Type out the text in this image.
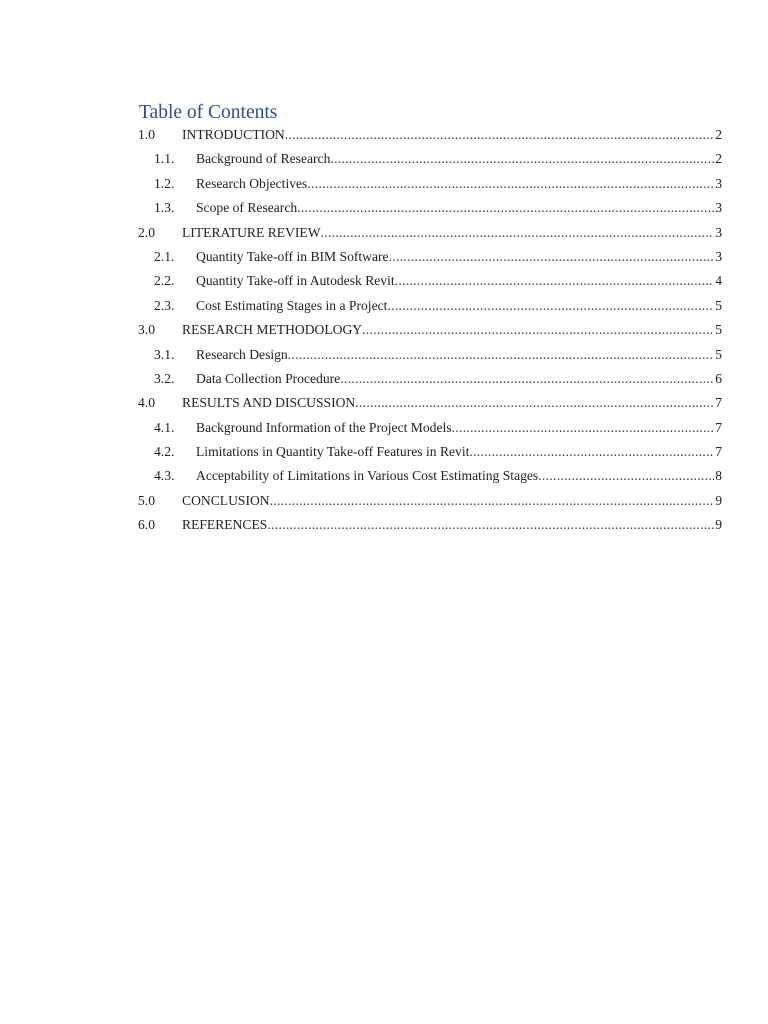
Table of Contents
1.0	INTRODUCTION .....	2
1.1.	Background of Research .....	2
1.2.	Research Objectives .....	3
1.3.	Scope of Research .....	3
2.0	LITERATURE REVIEW .....	3
2.1.	Quantity Take-off in BIM Software .....	3
2.2.	Quantity Take-off in Autodesk Revit .....	4
2.3.	Cost Estimating Stages in a Project .....	5
3.0	RESEARCH METHODOLOGY .....	5
3.1.	Research Design .....	5
3.2.	Data Collection Procedure .....	6
4.0	RESULTS AND DISCUSSION .....	7
4.1.	Background Information of the Project Models .....	7
4.2.	Limitations in Quantity Take-off Features in Revit .....	7
4.3.	Acceptability of Limitations in Various Cost Estimating Stages .....	8
5.0	CONCLUSION .....	9
6.0	REFERENCES .....	9
